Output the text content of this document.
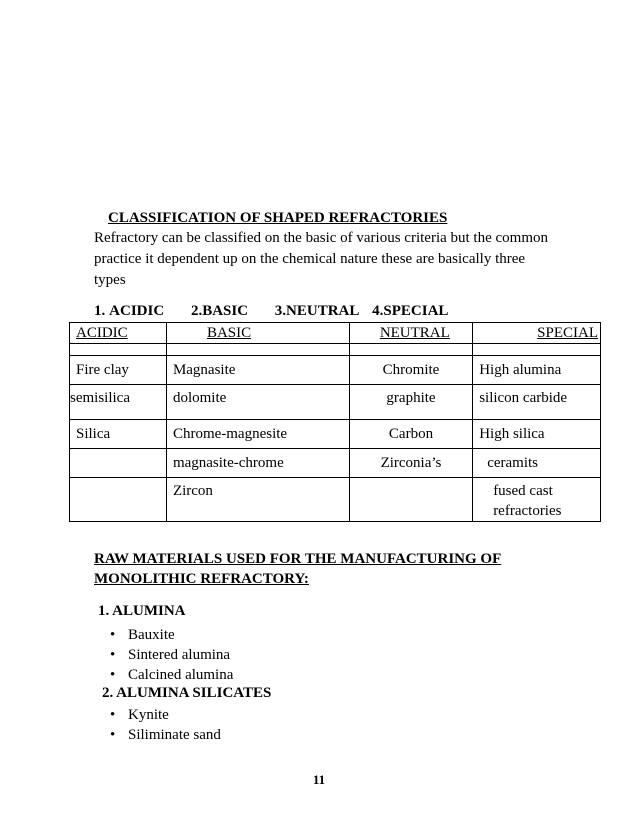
CLASSIFICATION OF SHAPED REFRACTORIES
Refractory can be classified on the basic of various criteria but the common practice it dependent up on the chemical nature these are basically three types
1. ACIDIC 2.BASIC 3.NEUTRAL 4.SPECIAL
ACIDIC	BASIC	NEUTRAL	SPECIAL

Fire clay	Magnasite	Chromite	High alumina
semisilica	dolomite	graphite	silicon carbide
Silica	Chrome-magnesite	Carbon	High silica
	magnasite-chrome	Zirconia’s	ceramits
	Zircon		fused cast refractories
RAW MATERIALS USED FOR THE MANUFACTURING OF MONOLITHIC REFRACTORY:
1. ALUMINA
• Bauxite
• Sintered alumina
• Calcined alumina
2. ALUMINA SILICATES
• Kynite
• Siliminate sand
11
